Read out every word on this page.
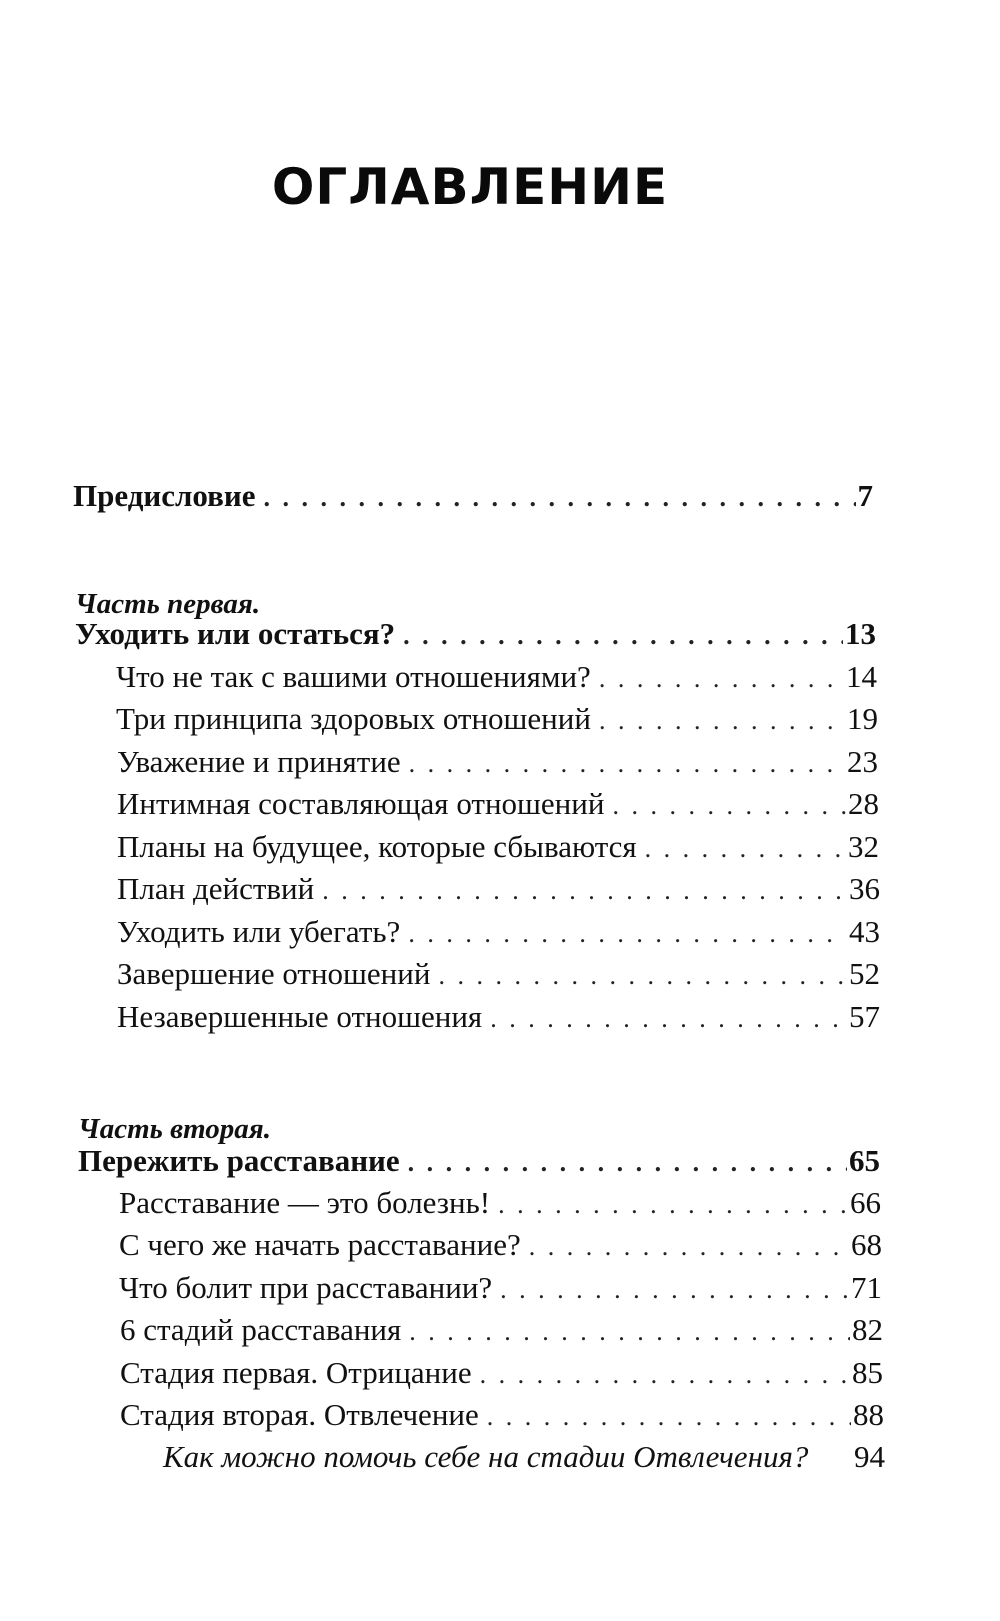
ОГЛАВЛЕНИЕ
Предисловие . . .	7
Часть первая.
Уходить или остаться? . . .	13
Что не так с вашими отношениями? . . .	14
Три принципа здоровых отношений . . .	19
Уважение и принятие . . .	23
Интимная составляющая отношений . . .	28
Планы на будущее, которые сбываются . . .	32
План действий . . .	36
Уходить или убегать? . . .	43
Завершение отношений . . .	52
Незавершенные отношения . . .	57
Часть вторая.
Пережить расставание . . .	65
Расставание — это болезнь! . . .	66
С чего же начать расставание? . . .	68
Что болит при расставании? . . .	71
6 стадий расставания . . .	82
Стадия первая. Отрицание . . .	85
Стадия вторая. Отвлечение . . .	88
Как можно помочь себе на стадии Отвлечения? 94
